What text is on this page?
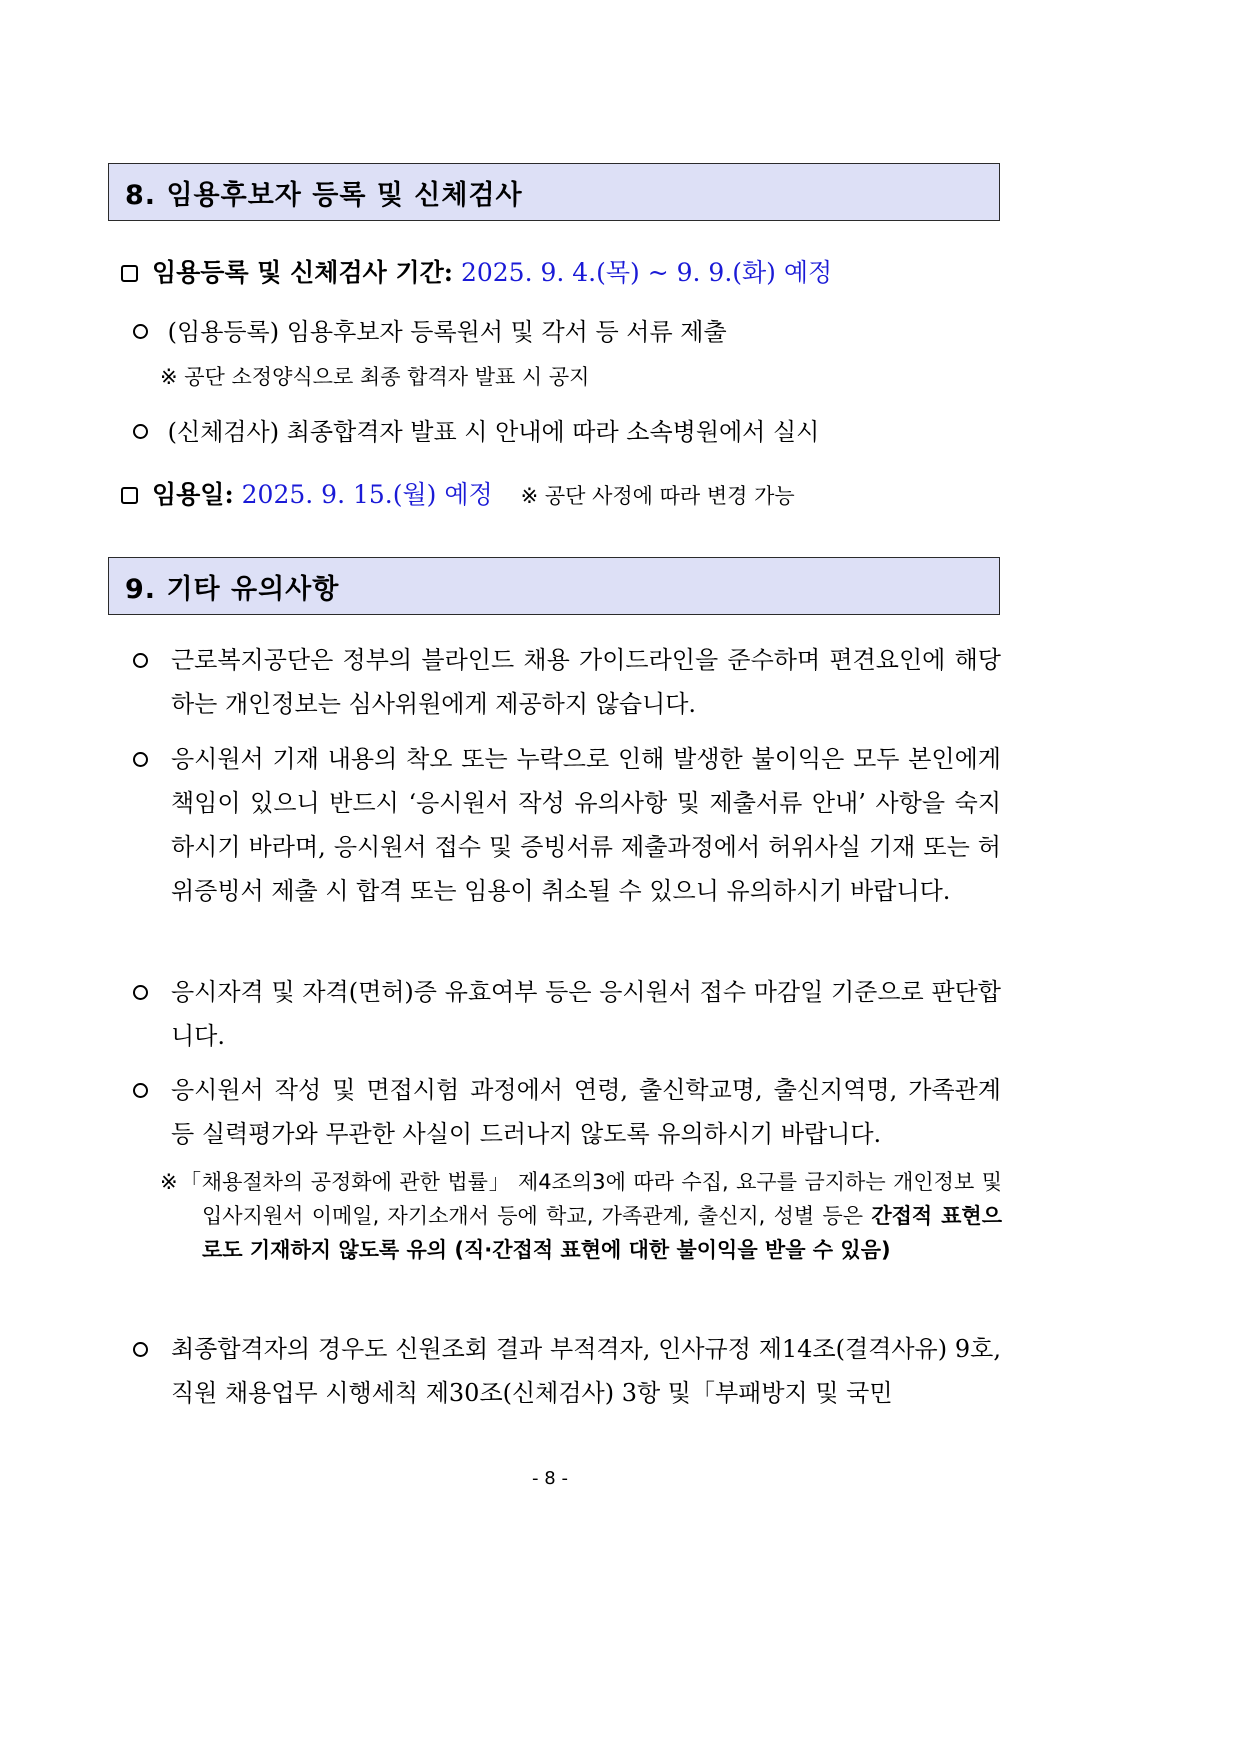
8. 임용후보자 등록 및 신체검사
임용등록 및 신체검사 기간: 2025. 9. 4.(목) ~ 9. 9.(화) 예정
(임용등록) 임용후보자 등록원서 및 각서 등 서류 제출
※ 공단 소정양식으로 최종 합격자 발표 시 공지
(신체검사) 최종합격자 발표 시 안내에 따라 소속병원에서 실시
임용일: 2025. 9. 15.(월) 예정 ※ 공단 사정에 따라 변경 가능
9. 기타 유의사항
근로복지공단은 정부의 블라인드 채용 가이드라인을 준수하며 편견요인에 해당하는 개인정보는 심사위원에게 제공하지 않습니다.
응시원서 기재 내용의 착오 또는 누락으로 인해 발생한 불이익은 모두 본인에게 책임이 있으니 반드시 ‘응시원서 작성 유의사항 및 제출서류 안내’ 사항을 숙지하시기 바라며, 응시원서 접수 및 증빙서류 제출과정에서 허위사실 기재 또는 허위증빙서 제출 시 합격 또는 임용이 취소될 수 있으니 유의하시기 바랍니다.
응시자격 및 자격(면허)증 유효여부 등은 응시원서 접수 마감일 기준으로 판단합니다.
응시원서 작성 및 면접시험 과정에서 연령, 출신학교명, 출신지역명, 가족관계 등 실력평가와 무관한 사실이 드러나지 않도록 유의하시기 바랍니다.
※ 「채용절차의 공정화에 관한 법률」 제4조의3에 따라 수집, 요구를 금지하는 개인정보 및 입사지원서 이메일, 자기소개서 등에 학교, 가족관계, 출신지, 성별 등은 간접적 표현으로도 기재하지 않도록 유의 (직·간접적 표현에 대한 불이익을 받을 수 있음)
최종합격자의 경우도 신원조회 결과 부적격자, 인사규정 제14조(결격사유) 9호, 직원 채용업무 시행세칙 제30조(신체검사) 3항 및「부패방지 및 국민
- 8 -
